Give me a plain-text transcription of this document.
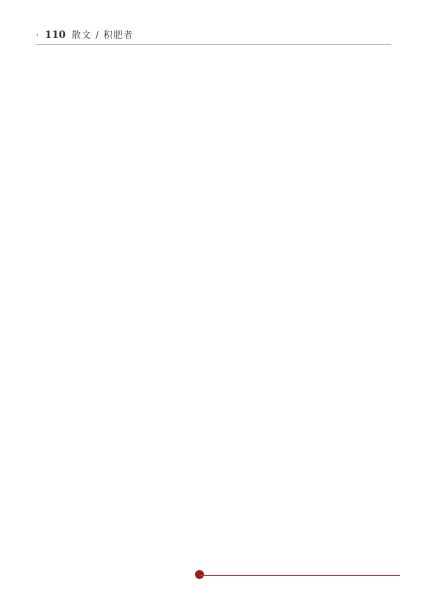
· 110 散文 / 积肥者
